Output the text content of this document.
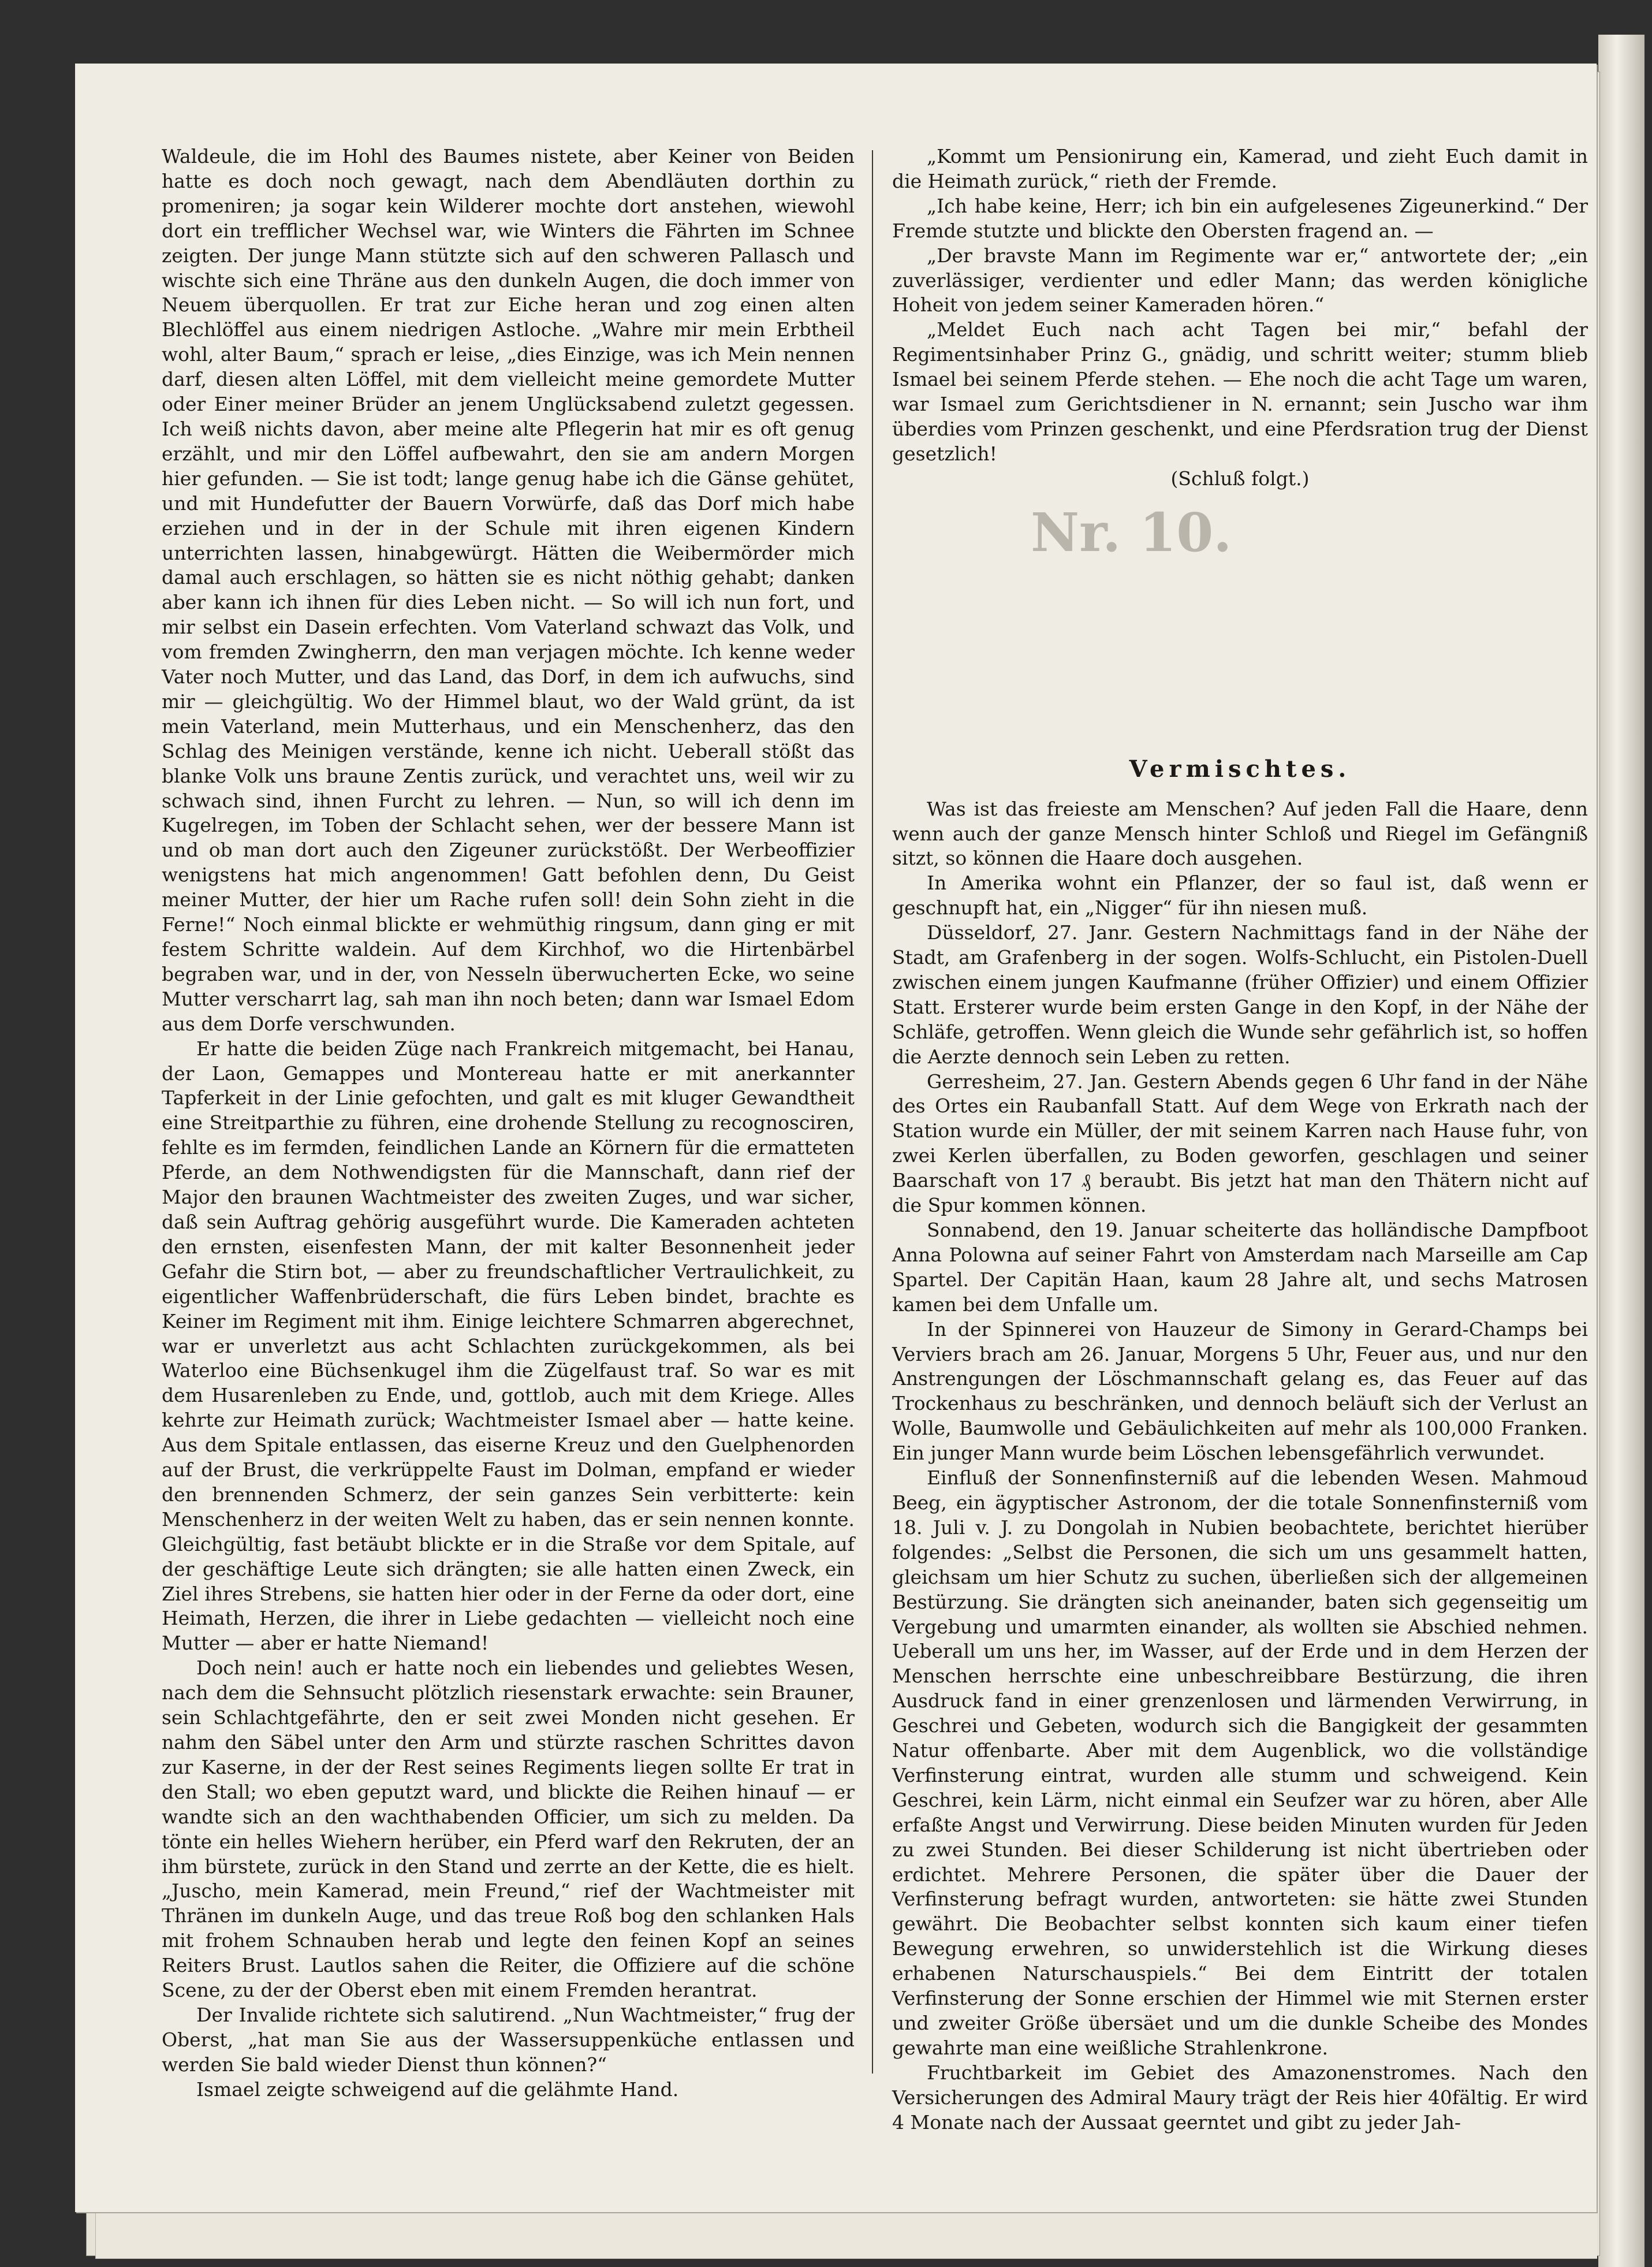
Waldeule, die im Hohl des Baumes nistete, aber Keiner von Beiden hatte es doch noch gewagt, nach dem Abendläuten dorthin zu promeniren; ja sogar kein Wilderer mochte dort anstehen, wiewohl dort ein trefflicher Wechsel war, wie Winters die Fährten im Schnee zeigten. Der junge Mann stützte sich auf den schweren Pallasch und wischte sich eine Thräne aus den dunkeln Augen, die doch immer von Neuem überquollen. Er trat zur Eiche heran und zog einen alten Blechlöffel aus einem niedrigen Astloche. „Wahre mir mein Erbtheil wohl, alter Baum,“ sprach er leise, „dies Einzige, was ich Mein nennen darf, diesen alten Löffel, mit dem vielleicht meine gemordete Mutter oder Einer meiner Brüder an jenem Unglücksabend zuletzt gegessen. Ich weiß nichts davon, aber meine alte Pflegerin hat mir es oft genug erzählt, und mir den Löffel aufbewahrt, den sie am andern Morgen hier gefunden. — Sie ist todt; lange genug habe ich die Gänse gehütet, und mit Hundefutter der Bauern Vorwürfe, daß das Dorf mich habe erziehen und in der in der Schule mit ihren eigenen Kindern unterrichten lassen, hinabgewürgt. Hätten die Weibermörder mich damal auch erschlagen, so hätten sie es nicht nöthig gehabt; danken aber kann ich ihnen für dies Leben nicht. — So will ich nun fort, und mir selbst ein Dasein erfechten. Vom Vaterland schwazt das Volk, und vom fremden Zwingherrn, den man verjagen möchte. Ich kenne weder Vater noch Mutter, und das Land, das Dorf, in dem ich aufwuchs, sind mir — gleichgültig. Wo der Himmel blaut, wo der Wald grünt, da ist mein Vaterland, mein Mutterhaus, und ein Menschenherz, das den Schlag des Meinigen verstände, kenne ich nicht. Ueberall stößt das blanke Volk uns braune Zentis zurück, und verachtet uns, weil wir zu schwach sind, ihnen Furcht zu lehren. — Nun, so will ich denn im Kugelregen, im Toben der Schlacht sehen, wer der bessere Mann ist und ob man dort auch den Zigeuner zurückstößt. Der Werbeoffizier wenigstens hat mich angenommen! Gatt befohlen denn, Du Geist meiner Mutter, der hier um Rache rufen soll! dein Sohn zieht in die Ferne!“ Noch einmal blickte er wehmüthig ringsum, dann ging er mit festem Schritte waldein. Auf dem Kirchhof, wo die Hirtenbärbel begraben war, und in der, von Nesseln überwucherten Ecke, wo seine Mutter verscharrt lag, sah man ihn noch beten; dann war Ismael Edom aus dem Dorfe verschwunden.

Er hatte die beiden Züge nach Frankreich mitgemacht, bei Hanau, der Laon, Gemappes und Montereau hatte er mit anerkannter Tapferkeit in der Linie gefochten, und galt es mit kluger Gewandtheit eine Streitparthie zu führen, eine drohende Stellung zu recognosciren, fehlte es im fermden, feindlichen Lande an Körnern für die ermatteten Pferde, an dem Nothwendigsten für die Mannschaft, dann rief der Major den braunen Wachtmeister des zweiten Zuges, und war sicher, daß sein Auftrag gehörig ausgeführt wurde. Die Kameraden achteten den ernsten, eisenfesten Mann, der mit kalter Besonnenheit jeder Gefahr die Stirn bot, — aber zu freundschaftlicher Vertraulichkeit, zu eigentlicher Waffenbrüderschaft, die fürs Leben bindet, brachte es Keiner im Regiment mit ihm. Einige leichtere Schmarren abgerechnet, war er unverletzt aus acht Schlachten zurückgekommen, als bei Waterloo eine Büchsenkugel ihm die Zügelfaust traf. So war es mit dem Husarenleben zu Ende, und, gottlob, auch mit dem Kriege. Alles kehrte zur Heimath zurück; Wachtmeister Ismael aber — hatte keine. Aus dem Spitale entlassen, das eiserne Kreuz und den Guelphenorden auf der Brust, die verkrüppelte Faust im Dolman, empfand er wieder den brennenden Schmerz, der sein ganzes Sein verbitterte: kein Menschenherz in der weiten Welt zu haben, das er sein nennen konnte. Gleichgültig, fast betäubt blickte er in die Straße vor dem Spitale, auf der geschäftige Leute sich drängten; sie alle hatten einen Zweck, ein Ziel ihres Strebens, sie hatten hier oder in der Ferne da oder dort, eine Heimath, Herzen, die ihrer in Liebe gedachten — vielleicht noch eine Mutter — aber er hatte Niemand!

Doch nein! auch er hatte noch ein liebendes und geliebtes Wesen, nach dem die Sehnsucht plötzlich riesenstark erwachte: sein Brauner, sein Schlachtgefährte, den er seit zwei Monden nicht gesehen. Er nahm den Säbel unter den Arm und stürzte raschen Schrittes davon zur Kaserne, in der der Rest seines Regiments liegen sollte Er trat in den Stall; wo eben geputzt ward, und blickte die Reihen hinauf — er wandte sich an den wachthabenden Officier, um sich zu melden. Da tönte ein helles Wiehern herüber, ein Pferd warf den Rekruten, der an ihm bürstete, zurück in den Stand und zerrte an der Kette, die es hielt. „Juscho, mein Kamerad, mein Freund,“ rief der Wachtmeister mit Thränen im dunkeln Auge, und das treue Roß bog den schlanken Hals mit frohem Schnauben herab und legte den feinen Kopf an seines Reiters Brust. Lautlos sahen die Reiter, die Offiziere auf die schöne Scene, zu der der Oberst eben mit einem Fremden herantrat.

Der Invalide richtete sich salutirend. „Nun Wachtmeister,“ frug der Oberst, „hat man Sie aus der Wassersuppenküche entlassen und werden Sie bald wieder Dienst thun können?“

Ismael zeigte schweigend auf die gelähmte Hand.

„Kommt um Pensionirung ein, Kamerad, und zieht Euch damit in die Heimath zurück,“ rieth der Fremde.

„Ich habe keine, Herr; ich bin ein aufgelesenes Zigeunerkind.“ Der Fremde stutzte und blickte den Obersten fragend an. —

„Der bravste Mann im Regimente war er,“ antwortete der; „ein zuverlässiger, verdienter und edler Mann; das werden königliche Hoheit von jedem seiner Kameraden hören.“

„Meldet Euch nach acht Tagen bei mir,“ befahl der Regimentsinhaber Prinz G., gnädig, und schritt weiter; stumm blieb Ismael bei seinem Pferde stehen. — Ehe noch die acht Tage um waren, war Ismael zum Gerichtsdiener in N. ernannt; sein Juscho war ihm überdies vom Prinzen geschenkt, und eine Pferdsration trug der Dienst gesetzlich!

(Schluß folgt.)

Nr. 10.
Vermischtes.

Was ist das freieste am Menschen? Auf jeden Fall die Haare, denn wenn auch der ganze Mensch hinter Schloß und Riegel im Gefängniß sitzt, so können die Haare doch ausgehen.

In Amerika wohnt ein Pflanzer, der so faul ist, daß wenn er geschnupft hat, ein „Nigger“ für ihn niesen muß.

Düsseldorf, 27. Janr. Gestern Nachmittags fand in der Nähe der Stadt, am Grafenberg in der sogen. Wolfs-Schlucht, ein Pistolen-Duell zwischen einem jungen Kaufmanne (früher Offizier) und einem Offizier Statt. Ersterer wurde beim ersten Gange in den Kopf, in der Nähe der Schläfe, getroffen. Wenn gleich die Wunde sehr gefährlich ist, so hoffen die Aerzte dennoch sein Leben zu retten.

Gerresheim, 27. Jan. Gestern Abends gegen 6 Uhr fand in der Nähe des Ortes ein Raubanfall Statt. Auf dem Wege von Erkrath nach der Station wurde ein Müller, der mit seinem Karren nach Hause fuhr, von zwei Kerlen überfallen, zu Boden geworfen, geschlagen und seiner Baarschaft von 17 ₰ beraubt. Bis jetzt hat man den Thätern nicht auf die Spur kommen können.

Sonnabend, den 19. Januar scheiterte das holländische Dampfboot Anna Polowna auf seiner Fahrt von Amsterdam nach Marseille am Cap Spartel. Der Capitän Haan, kaum 28 Jahre alt, und sechs Matrosen kamen bei dem Unfalle um.

In der Spinnerei von Hauzeur de Simony in Gerard-Champs bei Verviers brach am 26. Januar, Morgens 5 Uhr, Feuer aus, und nur den Anstrengungen der Löschmannschaft gelang es, das Feuer auf das Trockenhaus zu beschränken, und dennoch beläuft sich der Verlust an Wolle, Baumwolle und Gebäulichkeiten auf mehr als 100,000 Franken. Ein junger Mann wurde beim Löschen lebensgefährlich verwundet.

Einfluß der Sonnenfinsterniß auf die lebenden Wesen. Mahmoud Beeg, ein ägyptischer Astronom, der die totale Sonnenfinsterniß vom 18. Juli v. J. zu Dongolah in Nubien beobachtete, berichtet hierüber folgendes: „Selbst die Personen, die sich um uns gesammelt hatten, gleichsam um hier Schutz zu suchen, überließen sich der allgemeinen Bestürzung. Sie drängten sich aneinander, baten sich gegenseitig um Vergebung und umarmten einander, als wollten sie Abschied nehmen. Ueberall um uns her, im Wasser, auf der Erde und in dem Herzen der Menschen herrschte eine unbeschreibbare Bestürzung, die ihren Ausdruck fand in einer grenzenlosen und lärmenden Verwirrung, in Geschrei und Gebeten, wodurch sich die Bangigkeit der gesammten Natur offenbarte. Aber mit dem Augenblick, wo die vollständige Verfinsterung eintrat, wurden alle stumm und schweigend. Kein Geschrei, kein Lärm, nicht einmal ein Seufzer war zu hören, aber Alle erfaßte Angst und Verwirrung. Diese beiden Minuten wurden für Jeden zu zwei Stunden. Bei dieser Schilderung ist nicht übertrieben oder erdichtet. Mehrere Personen, die später über die Dauer der Verfinsterung befragt wurden, antworteten: sie hätte zwei Stunden gewährt. Die Beobachter selbst konnten sich kaum einer tiefen Bewegung erwehren, so unwiderstehlich ist die Wirkung dieses erhabenen Naturschauspiels.“ Bei dem Eintritt der totalen Verfinsterung der Sonne erschien der Himmel wie mit Sternen erster und zweiter Größe übersäet und um die dunkle Scheibe des Mondes gewahrte man eine weißliche Strahlenkrone.

Fruchtbarkeit im Gebiet des Amazonenstromes. Nach den Versicherungen des Admiral Maury trägt der Reis hier 40fältig. Er wird 4 Monate nach der Aussaat geerntet und gibt zu jeder Jah-
